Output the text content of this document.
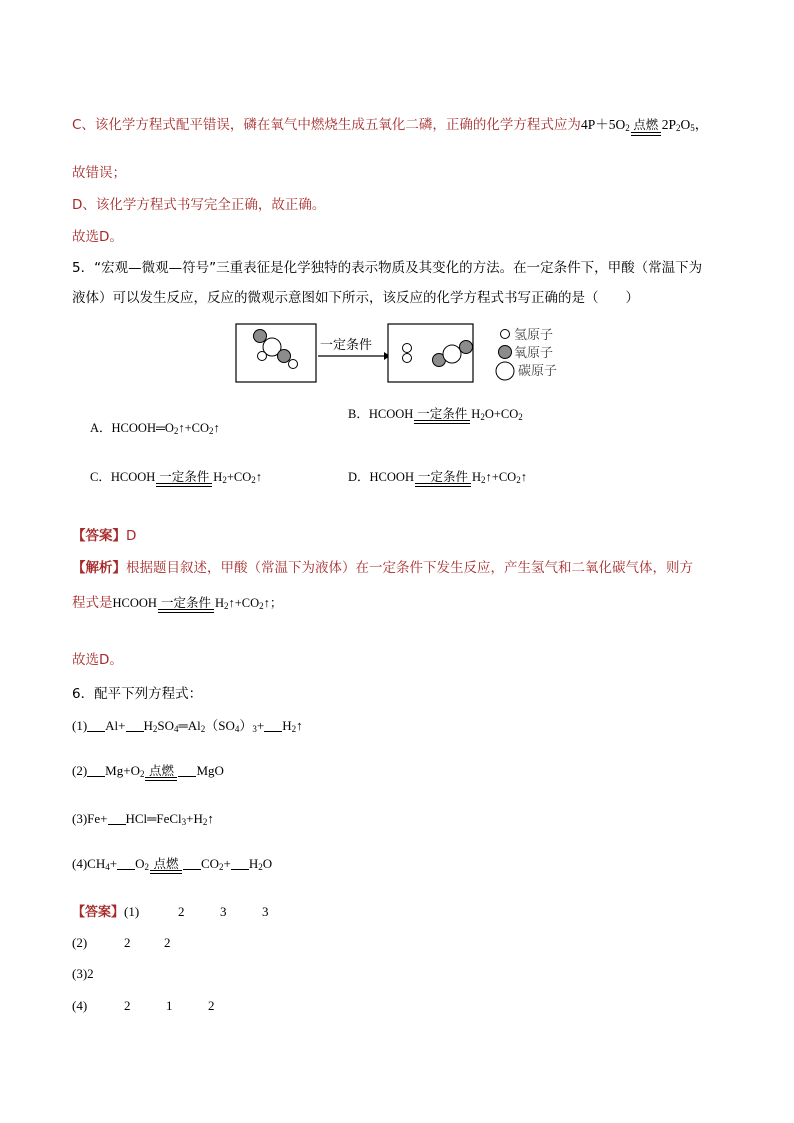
C、该化学方程式配平错误，磷在氧气中燃烧生成五氧化二磷，正确的化学方程式应为$4P+5O_2$ 点燃 $2P_2O_5$，
故错误；
D、该化学方程式书写完全正确，故正确。
故选D。
5．“宏观—微观—符号”三重表征是化学独特的表示物质及其变化的方法。在一定条件下，甲酸（常温下为
液体）可以发生反应，反应的微观示意图如下所示，该反应的化学方程式书写正确的是（　　）
一定条件
氢原子
氧原子
碳原子
A．$HCOOH═O_2↑+CO_2↑$
B．HCOOH 一定条件 $H_2O+CO_2$
C．HCOOH 一定条件 $H_2+CO_2↑$	D．HCOOH 一定条件 $H_2↑+CO_2↑$
【答案】D
【解析】根据题目叙述，甲酸（常温下为液体）在一定条件下发生反应，产生氢气和二氧化碳气体，则方
程式是HCOOH 一定条件 $H_2↑+CO_2↑$；
故选D。
6．配平下列方程式：
(1) $Al+ H_2SO_4═Al_2(SO_4)_3+$ $H_2↑$
(2) $Mg+O_2$ 点燃 MgO
$(3)Fe+ HCl═FeCl_3+H_2↑$
$(4)CH_4+ O_2$ 点燃 $CO_2+ H_2O$
【答案】(1)	2	3	3
(2)	2	2
(3)2
(4)	2	1	2
